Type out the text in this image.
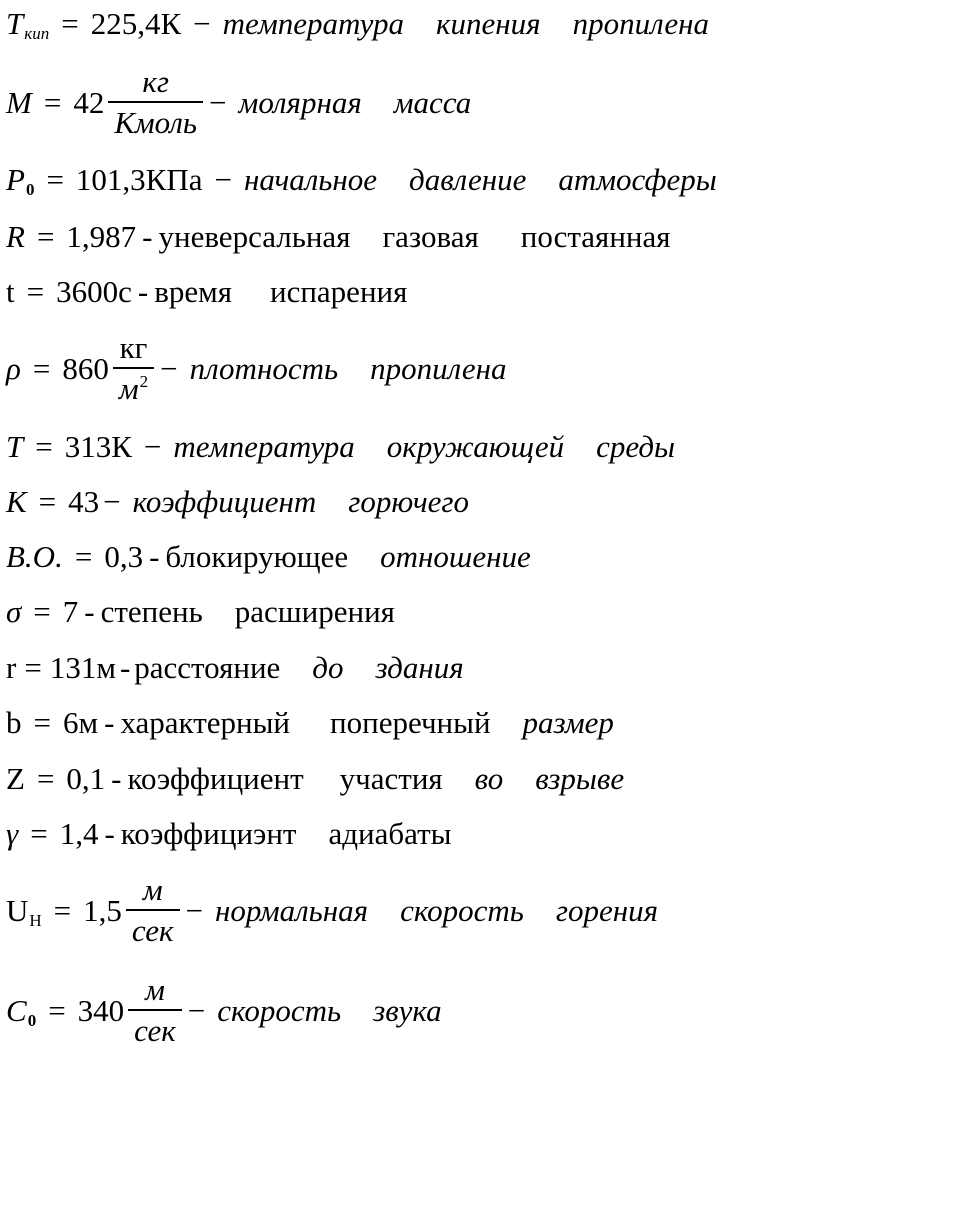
T кип = 225,4К − температура кипения пропилена
$M = 42 \frac{кг}{\text{Кмоль}}$ − молярная масса
P 0 = 101,3КПа − начальное давление атмосферы
R = 1,987 - уневерсальная газовая постаянная
t = 3600с - время испарения
$\rho = 860 \frac{кг}{м^2}$ − плотность пропилена
T = 313К − температура окружающей среды
К = 43 − коэффициент горючего
B.O. = 0,3 - блокирующее отношение
σ = 7 - степень расширения
r = 131м - расстояние до здания
b = 6м - характерный поперечный размер
Z = 0,1 - коэффициент участия во взрыве
γ = 1,4 - коэффициэнт адиабаты
U $Н = 1,5 \frac{м}{\text{сек}}$ − нормальная скорость горения
C $0 = 340 \frac{м}{\text{сек}}$ − скорость звука
